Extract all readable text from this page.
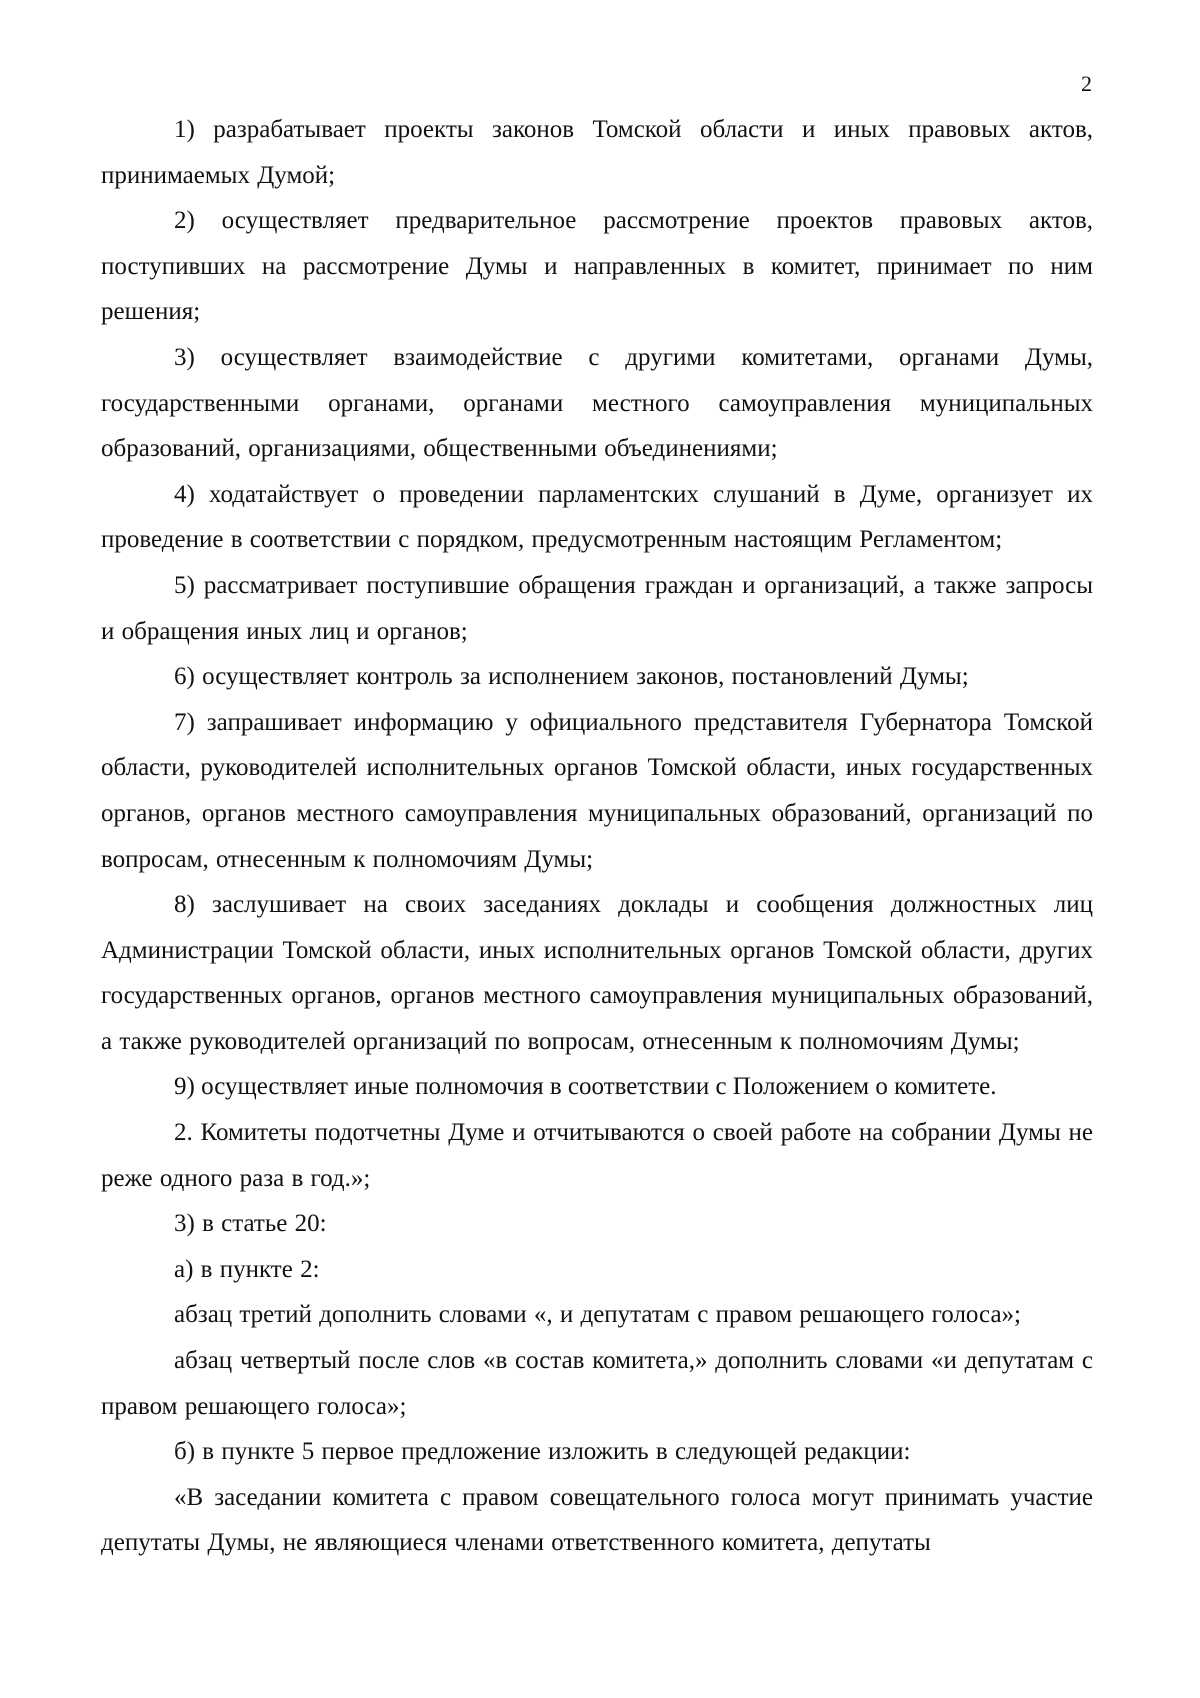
2

1) разрабатывает проекты законов Томской области и иных правовых актов, принимаемых Думой;

2) осуществляет предварительное рассмотрение проектов правовых актов, поступивших на рассмотрение Думы и направленных в комитет, принимает по ним решения;

3) осуществляет взаимодействие с другими комитетами, органами Думы, государственными органами, органами местного самоуправления муниципальных образований, организациями, общественными объединениями;

4) ходатайствует о проведении парламентских слушаний в Думе, организует их проведение в соответствии с порядком, предусмотренным настоящим Регламентом;

5) рассматривает поступившие обращения граждан и организаций, а также запросы и обращения иных лиц и органов;

6) осуществляет контроль за исполнением законов, постановлений Думы;

7) запрашивает информацию у официального представителя Губернатора Томской области, руководителей исполнительных органов Томской области, иных государственных органов, органов местного самоуправления муниципальных образований, организаций по вопросам, отнесенным к полномочиям Думы;

8) заслушивает на своих заседаниях доклады и сообщения должностных лиц Администрации Томской области, иных исполнительных органов Томской области, других государственных органов, органов местного самоуправления муниципальных образований, а также руководителей организаций по вопросам, отнесенным к полномочиям Думы;

9) осуществляет иные полномочия в соответствии с Положением о комитете.

2. Комитеты подотчетны Думе и отчитываются о своей работе на собрании Думы не реже одного раза в год.»;

3) в статье 20:

а) в пункте 2:

абзац третий дополнить словами «, и депутатам с правом решающего голоса»;

абзац четвертый после слов «в состав комитета,» дополнить словами «и депутатам с правом решающего голоса»;

б) в пункте 5 первое предложение изложить в следующей редакции:

«В заседании комитета с правом совещательного голоса могут принимать участие депутаты Думы, не являющиеся членами ответственного комитета, депутаты
